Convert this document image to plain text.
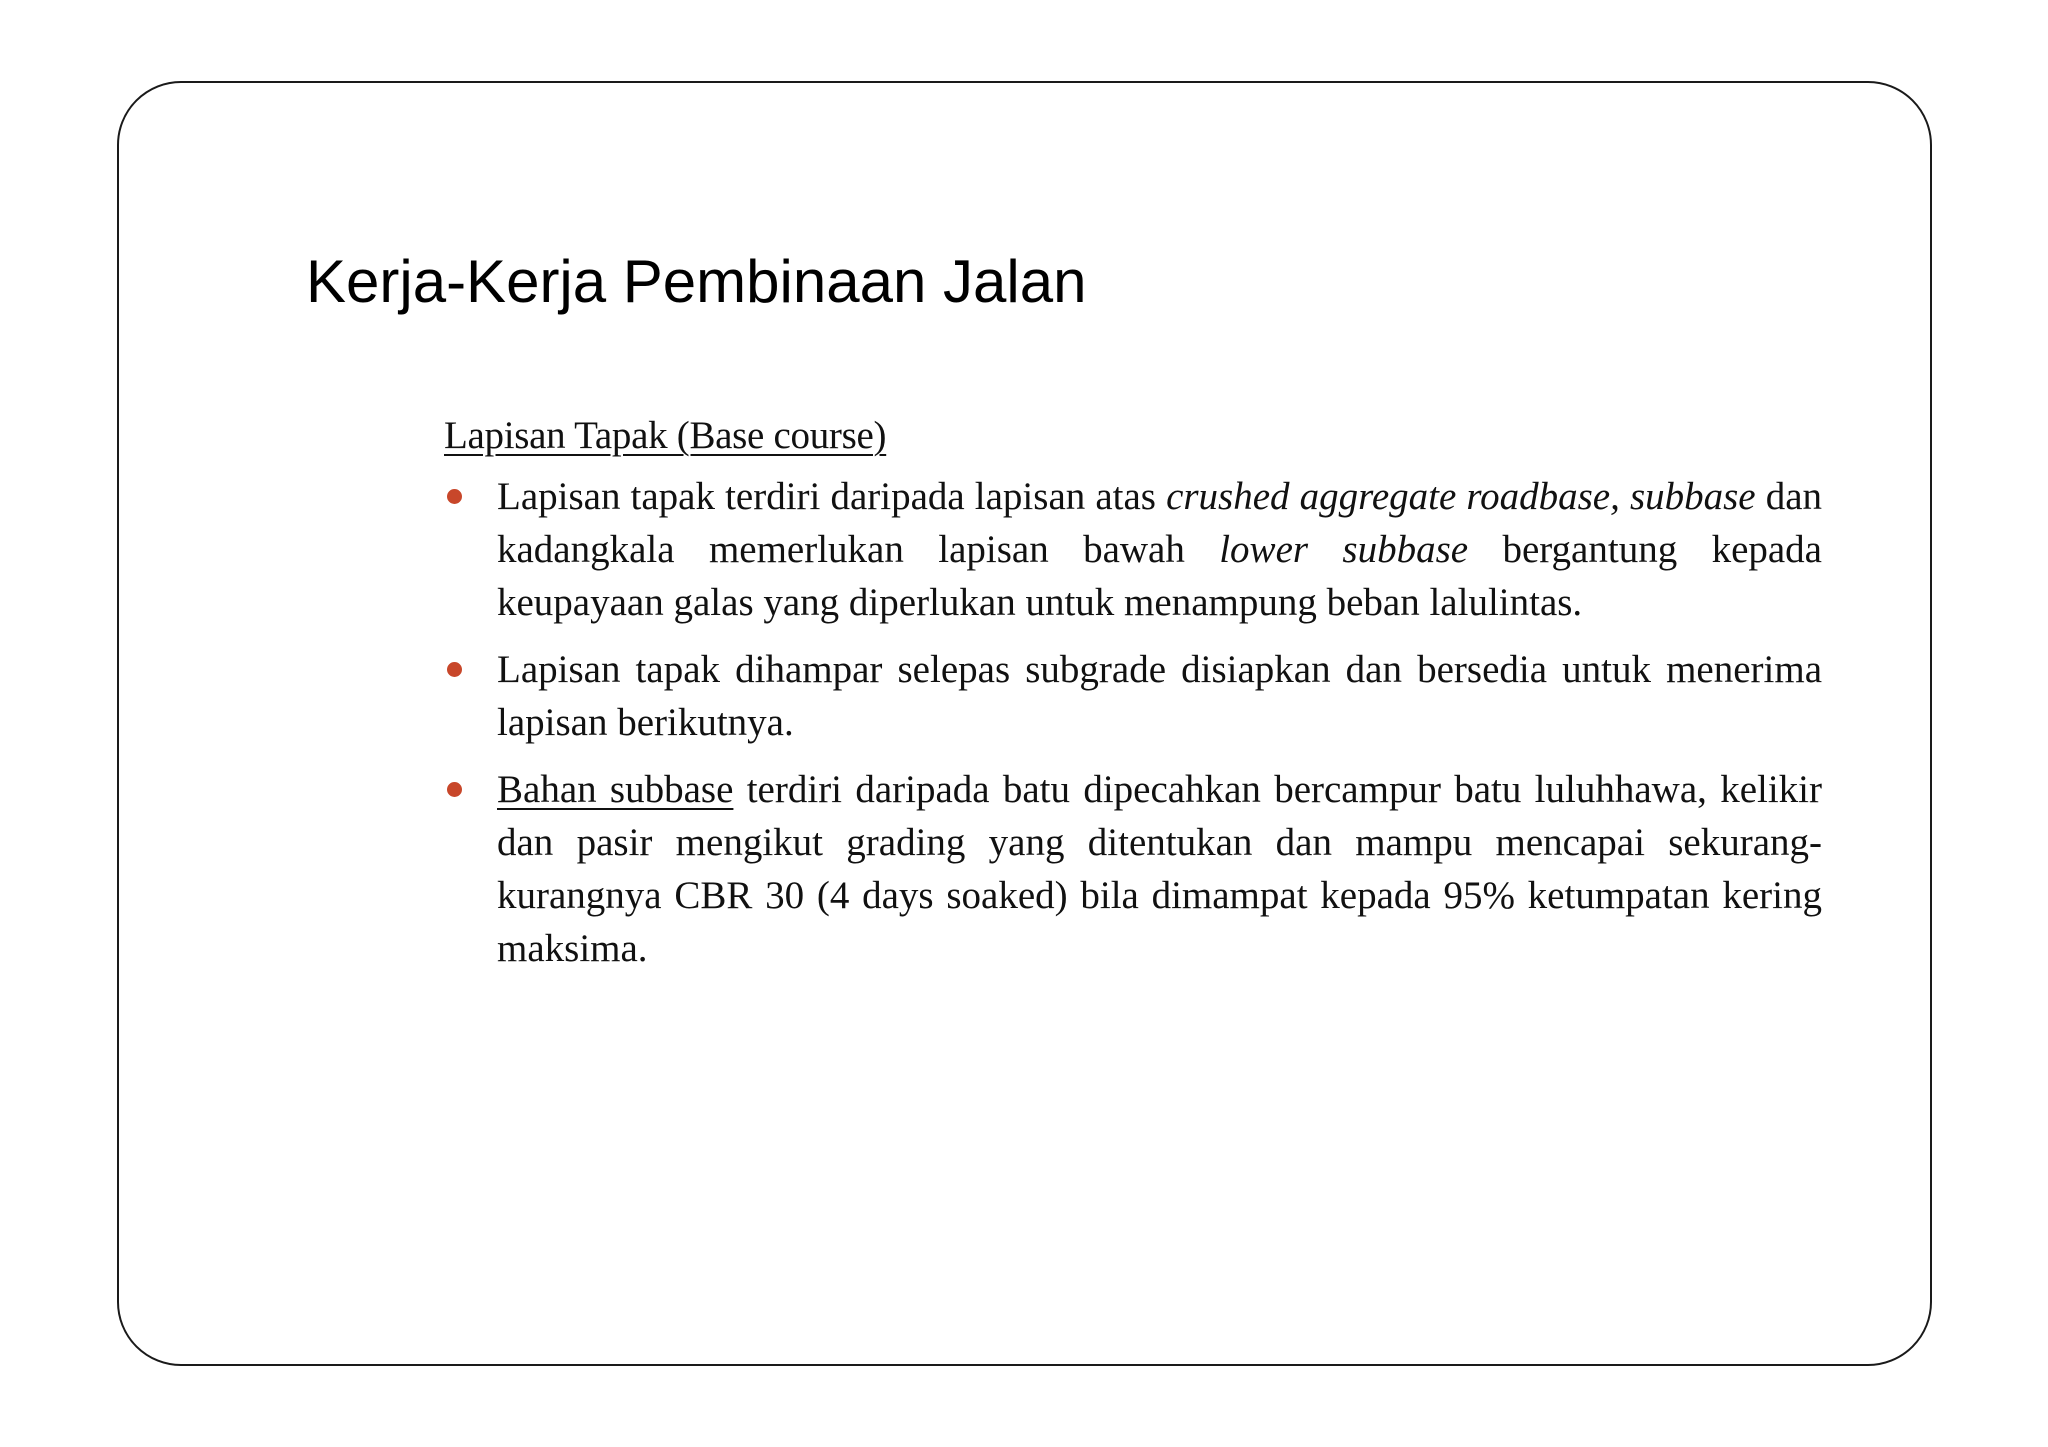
Kerja-Kerja Pembinaan Jalan
Lapisan Tapak (Base course)
Lapisan tapak terdiri daripada lapisan atas crushed aggregate roadbase, subbase dan kadangkala memerlukan lapisan bawah lower subbase bergantung kepada keupayaan galas yang diperlukan untuk menampung beban lalulintas.
Lapisan tapak dihampar selepas subgrade disiapkan dan bersedia untuk menerima lapisan berikutnya.
Bahan subbase terdiri daripada batu dipecahkan bercampur batu luluhhawa, kelikir dan pasir mengikut grading yang ditentukan dan mampu mencapai sekurang-kurangnya CBR 30 (4 days soaked) bila dimampat kepada 95% ketumpatan kering maksima.
